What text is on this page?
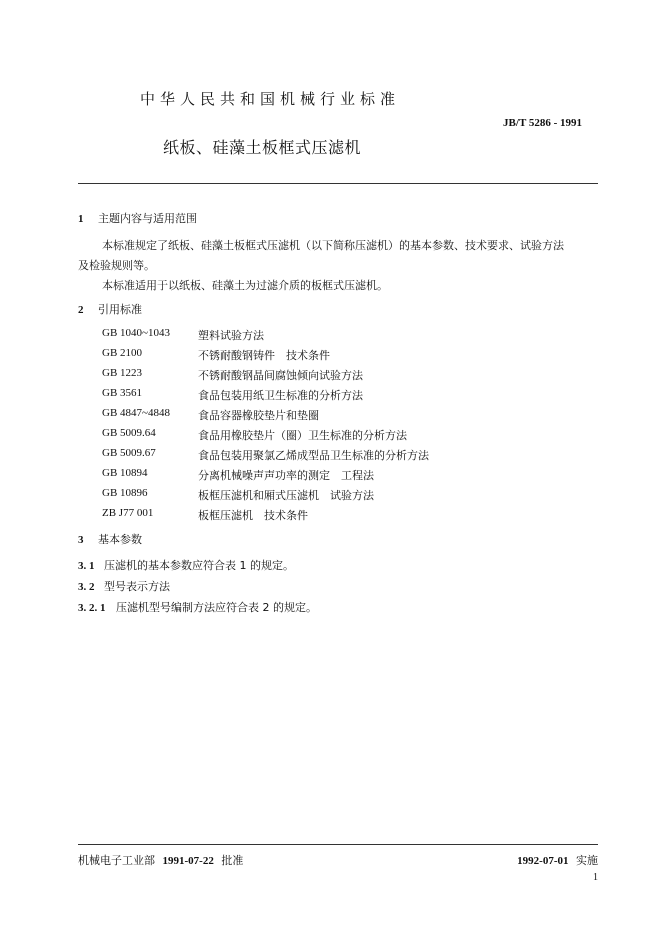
中华人民共和国机械行业标准
JB/T 5286 - 1991
纸板、硅藻土板框式压滤机
1 主题内容与适用范围
本标准规定了纸板、硅藻土板框式压滤机（以下简称压滤机）的基本参数、技术要求、试验方法
及检验规则等。
本标准适用于以纸板、硅藻土为过滤介质的板框式压滤机。
2 引用标准
GB 1040~1043	塑料试验方法
GB 2100	不锈耐酸钢铸件　技术条件
GB 1223	不锈耐酸钢晶间腐蚀倾向试验方法
GB 3561	食品包装用纸卫生标准的分析方法
GB 4847~4848	食品容器橡胶垫片和垫圈
GB 5009.64	食品用橡胶垫片（圈）卫生标准的分析方法
GB 5009.67	食品包装用聚氯乙烯成型品卫生标准的分析方法
GB 10894	分离机械噪声声功率的测定　工程法
GB 10896	板框压滤机和厢式压滤机　试验方法
ZB J77 001	板框压滤机　技术条件
3 基本参数
3. 1 压滤机的基本参数应符合表 1 的规定。
3. 2 型号表示方法
3. 2. 1 压滤机型号编制方法应符合表 2 的规定。
机械电子工业部 1991-07-22 批准	1992-07-01 实施
1
